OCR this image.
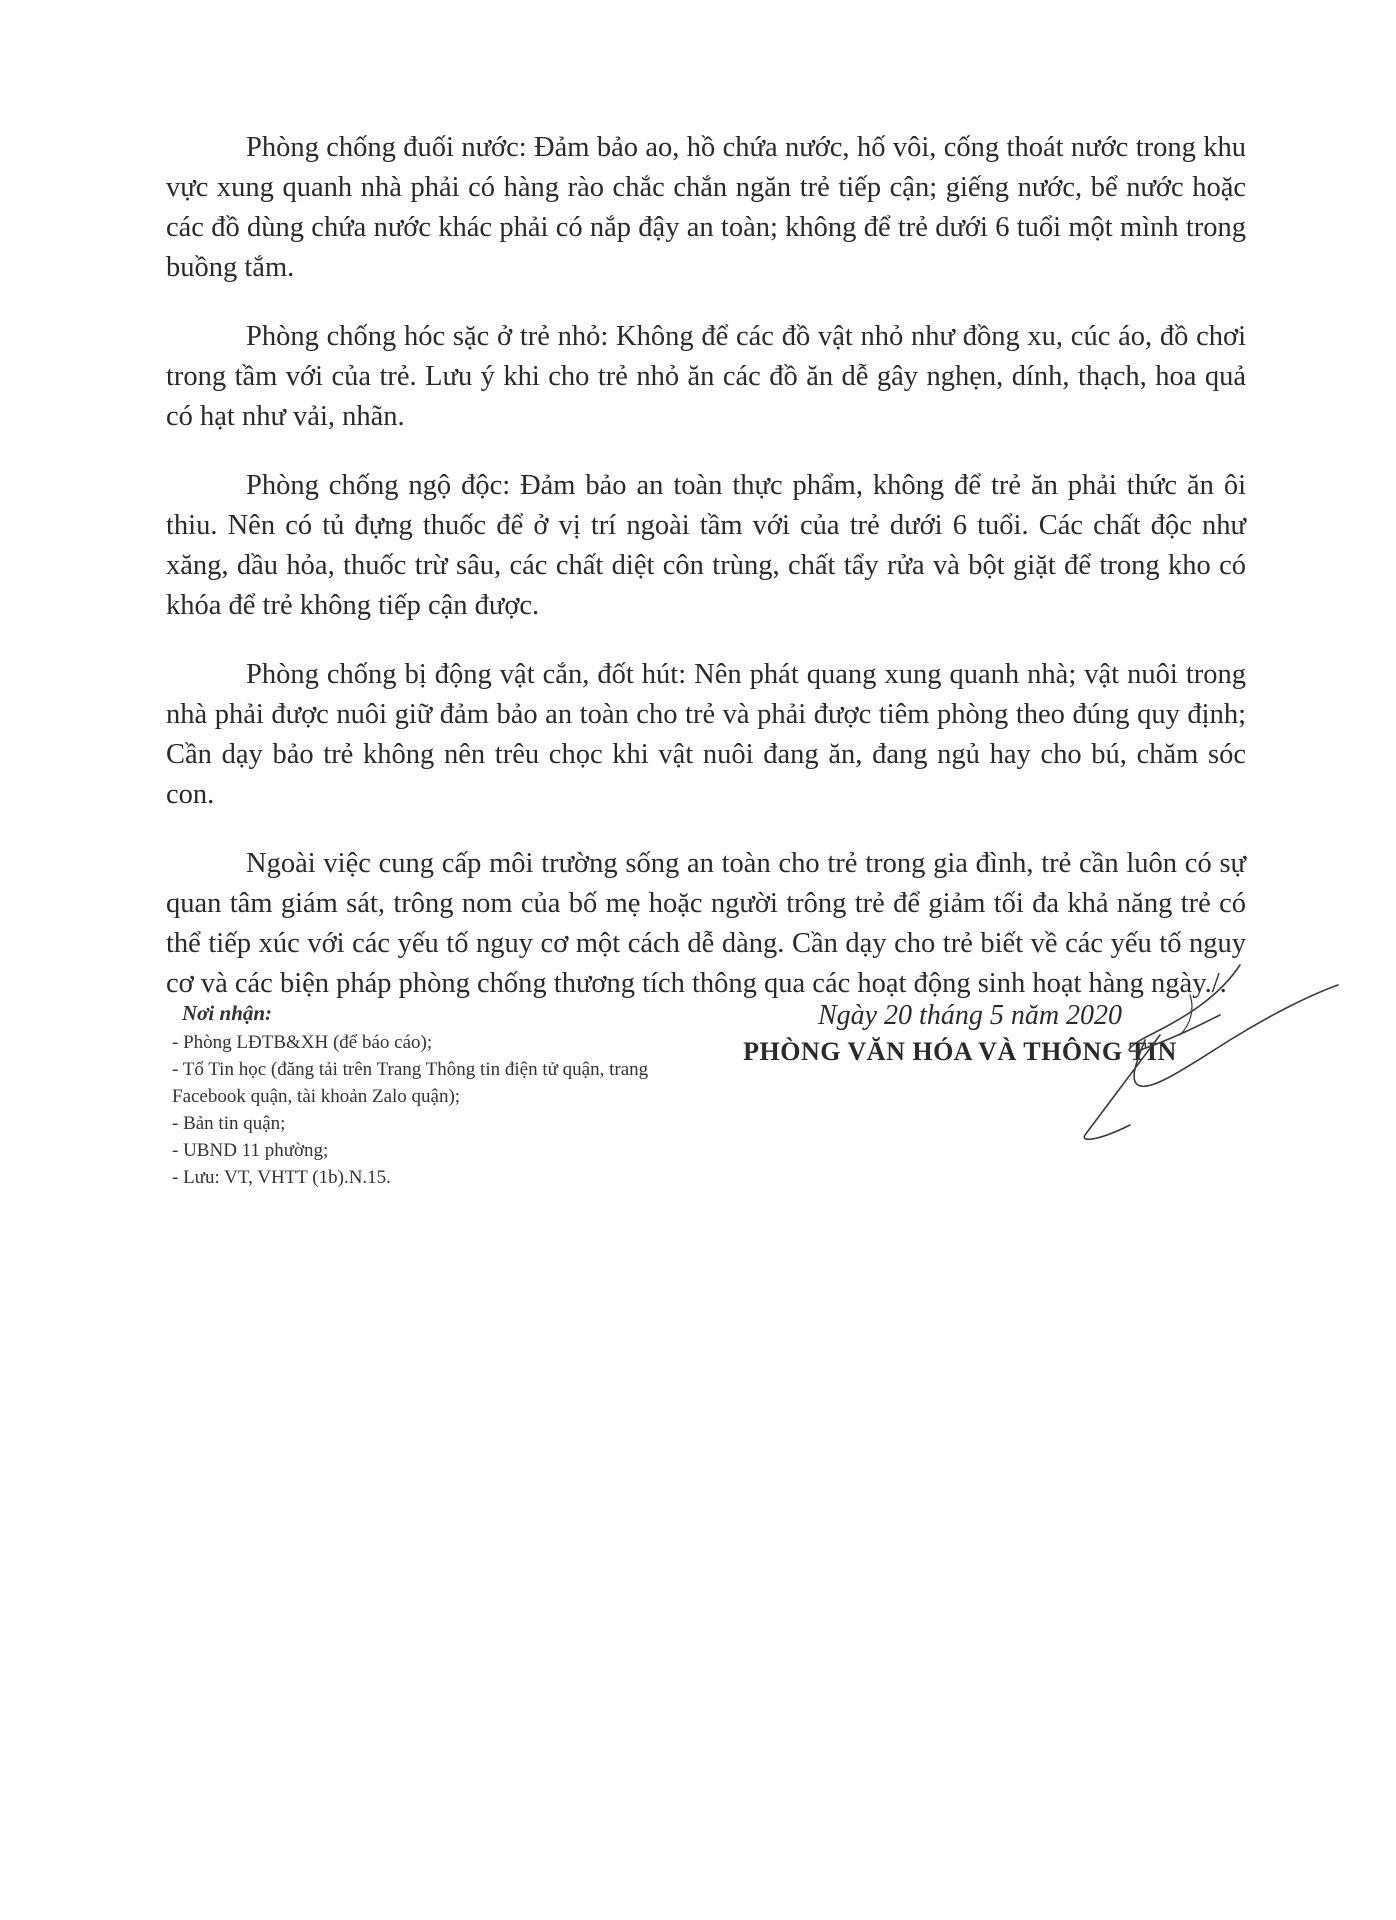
Phòng chống đuối nước: Đảm bảo ao, hồ chứa nước, hố vôi, cống thoát nước trong khu vực xung quanh nhà phải có hàng rào chắc chắn ngăn trẻ tiếp cận; giếng nước, bể nước hoặc các đồ dùng chứa nước khác phải có nắp đậy an toàn; không để trẻ dưới 6 tuổi một mình trong buồng tắm.

Phòng chống hóc sặc ở trẻ nhỏ: Không để các đồ vật nhỏ như đồng xu, cúc áo, đồ chơi trong tầm với của trẻ. Lưu ý khi cho trẻ nhỏ ăn các đồ ăn dễ gây nghẹn, dính, thạch, hoa quả có hạt như vải, nhãn.

Phòng chống ngộ độc: Đảm bảo an toàn thực phẩm, không để trẻ ăn phải thức ăn ôi thiu. Nên có tủ đựng thuốc để ở vị trí ngoài tầm với của trẻ dưới 6 tuổi. Các chất độc như xăng, dầu hỏa, thuốc trừ sâu, các chất diệt côn trùng, chất tẩy rửa và bột giặt để trong kho có khóa để trẻ không tiếp cận được.

Phòng chống bị động vật cắn, đốt hút: Nên phát quang xung quanh nhà; vật nuôi trong nhà phải được nuôi giữ đảm bảo an toàn cho trẻ và phải được tiêm phòng theo đúng quy định; Cần dạy bảo trẻ không nên trêu chọc khi vật nuôi đang ăn, đang ngủ hay cho bú, chăm sóc con.

Ngoài việc cung cấp môi trường sống an toàn cho trẻ trong gia đình, trẻ cần luôn có sự quan tâm giám sát, trông nom của bố mẹ hoặc người trông trẻ để giảm tối đa khả năng trẻ có thể tiếp xúc với các yếu tố nguy cơ một cách dễ dàng. Cần dạy cho trẻ biết về các yếu tố nguy cơ và các biện pháp phòng chống thương tích thông qua các hoạt động sinh hoạt hàng ngày./.

Nơi nhận:
- Phòng LĐTB&XH (để báo cáo);
- Tổ Tin học (đăng tải trên Trang Thông tin điện tử quận, trang Facebook quận, tài khoản Zalo quận);
- Bản tin quận;
- UBND 11 phường;
- Lưu: VT, VHTT (1b).N.15.
Ngày 20 tháng 5 năm 2020
PHÒNG VĂN HÓA VÀ THÔNG TIN
